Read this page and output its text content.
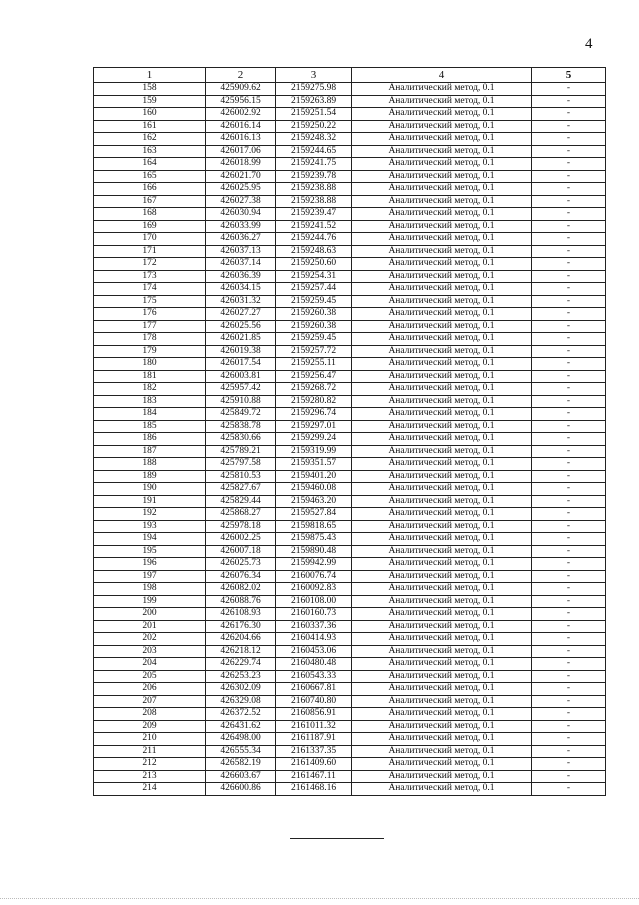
4
1	2	3	4	5
158	425909.62	2159275.98	Аналитический метод, 0.1	-
159	425956.15	2159263.89	Аналитический метод, 0.1	-
160	426002.92	2159251.54	Аналитический метод, 0.1	-
161	426016.14	2159250.22	Аналитический метод, 0.1	-
162	426016.13	2159248.32	Аналитический метод, 0.1	-
163	426017.06	2159244.65	Аналитический метод, 0.1	-
164	426018.99	2159241.75	Аналитический метод, 0.1	-
165	426021.70	2159239.78	Аналитический метод, 0.1	-
166	426025.95	2159238.88	Аналитический метод, 0.1	-
167	426027.38	2159238.88	Аналитический метод, 0.1	-
168	426030.94	2159239.47	Аналитический метод, 0.1	-
169	426033.99	2159241.52	Аналитический метод, 0.1	-
170	426036.27	2159244.76	Аналитический метод, 0.1	-
171	426037.13	2159248.63	Аналитический метод, 0.1	-
172	426037.14	2159250.60	Аналитический метод, 0.1	-
173	426036.39	2159254.31	Аналитический метод, 0.1	-
174	426034.15	2159257.44	Аналитический метод, 0.1	-
175	426031.32	2159259.45	Аналитический метод, 0.1	-
176	426027.27	2159260.38	Аналитический метод, 0.1	-
177	426025.56	2159260.38	Аналитический метод, 0.1	-
178	426021.85	2159259.45	Аналитический метод, 0.1	-
179	426019.38	2159257.72	Аналитический метод, 0.1	-
180	426017.54	2159255.11	Аналитический метод, 0.1	-
181	426003.81	2159256.47	Аналитический метод, 0.1	-
182	425957.42	2159268.72	Аналитический метод, 0.1	-
183	425910.88	2159280.82	Аналитический метод, 0.1	-
184	425849.72	2159296.74	Аналитический метод, 0.1	-
185	425838.78	2159297.01	Аналитический метод, 0.1	-
186	425830.66	2159299.24	Аналитический метод, 0.1	-
187	425789.21	2159319.99	Аналитический метод, 0.1	-
188	425797.58	2159351.57	Аналитический метод, 0.1	-
189	425810.53	2159401.20	Аналитический метод, 0.1	-
190	425827.67	2159460.08	Аналитический метод, 0.1	-
191	425829.44	2159463.20	Аналитический метод, 0.1	-
192	425868.27	2159527.84	Аналитический метод, 0.1	-
193	425978.18	2159818.65	Аналитический метод, 0.1	-
194	426002.25	2159875.43	Аналитический метод, 0.1	-
195	426007.18	2159890.48	Аналитический метод, 0.1	-
196	426025.73	2159942.99	Аналитический метод, 0.1	-
197	426076.34	2160076.74	Аналитический метод, 0.1	-
198	426082.02	2160092.83	Аналитический метод, 0.1	-
199	426088.76	2160108.00	Аналитический метод, 0.1	-
200	426108.93	2160160.73	Аналитический метод, 0.1	-
201	426176.30	2160337.36	Аналитический метод, 0.1	-
202	426204.66	2160414.93	Аналитический метод, 0.1	-
203	426218.12	2160453.06	Аналитический метод, 0.1	-
204	426229.74	2160480.48	Аналитический метод, 0.1	-
205	426253.23	2160543.33	Аналитический метод, 0.1	-
206	426302.09	2160667.81	Аналитический метод, 0.1	-
207	426329.08	2160740.80	Аналитический метод, 0.1	-
208	426372.52	2160856.91	Аналитический метод, 0.1	-
209	426431.62	2161011.32	Аналитический метод, 0.1	-
210	426498.00	2161187.91	Аналитический метод, 0.1	-
211	426555.34	2161337.35	Аналитический метод, 0.1	-
212	426582.19	2161409.60	Аналитический метод, 0.1	-
213	426603.67	2161467.11	Аналитический метод, 0.1	-
214	426600.86	2161468.16	Аналитический метод, 0.1	-
